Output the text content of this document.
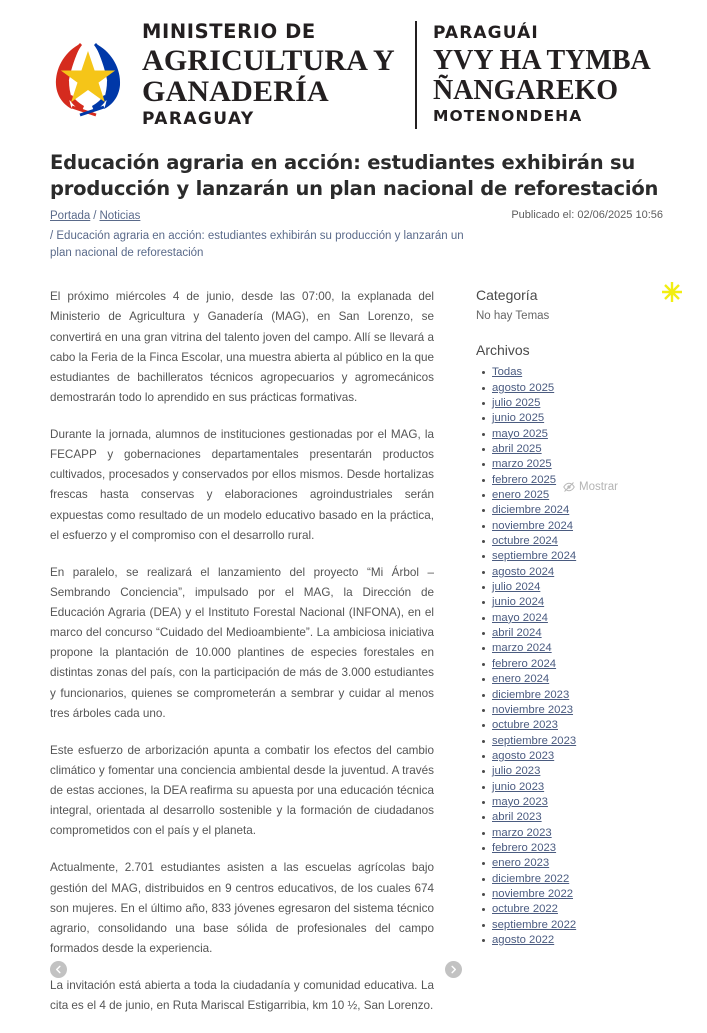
MINISTERIO DE
AGRICULTURA Y
GANADERÍA
PARAGUAY
PARAGUÁI
YVY HA TYMBA
ÑANGAREKO
MOTENONDEHA
Educación agraria en acción: estudiantes exhibirán su producción y lanzarán un plan nacional de reforestación
Portada / Noticias
/ Educación agraria en acción: estudiantes exhibirán su producción y lanzarán un plan nacional de reforestación
Publicado el: 02/06/2025 10:56

El próximo miércoles 4 de junio, desde las 07:00, la explanada del Ministerio de Agricultura y Ganadería (MAG), en San Lorenzo, se convertirá en una gran vitrina del talento joven del campo. Allí se llevará a cabo la Feria de la Finca Escolar, una muestra abierta al público en la que estudiantes de bachilleratos técnicos agropecuarios y agromecánicos demostrarán todo lo aprendido en sus prácticas formativas.

Durante la jornada, alumnos de instituciones gestionadas por el MAG, la FECAPP y gobernaciones departamentales presentarán productos cultivados, procesados y conservados por ellos mismos. Desde hortalizas frescas hasta conservas y elaboraciones agroindustriales serán expuestas como resultado de un modelo educativo basado en la práctica, el esfuerzo y el compromiso con el desarrollo rural.

En paralelo, se realizará el lanzamiento del proyecto “Mi Árbol – Sembrando Conciencia”, impulsado por el MAG, la Dirección de Educación Agraria (DEA) y el Instituto Forestal Nacional (INFONA), en el marco del concurso “Cuidado del Medioambiente”. La ambiciosa iniciativa propone la plantación de 10.000 plantines de especies forestales en distintas zonas del país, con la participación de más de 3.000 estudiantes y funcionarios, quienes se comprometerán a sembrar y cuidar al menos tres árboles cada uno.

Este esfuerzo de arborización apunta a combatir los efectos del cambio climático y fomentar una conciencia ambiental desde la juventud. A través de estas acciones, la DEA reafirma su apuesta por una educación técnica integral, orientada al desarrollo sostenible y la formación de ciudadanos comprometidos con el país y el planeta.

Actualmente, 2.701 estudiantes asisten a las escuelas agrícolas bajo gestión del MAG, distribuidos en 9 centros educativos, de los cuales 674 son mujeres. En el último año, 833 jóvenes egresaron del sistema técnico agrario, consolidando una base sólida de profesionales del campo formados desde la experiencia.

La invitación está abierta a toda la ciudadanía y comunidad educativa. La cita es el 4 de junio, en Ruta Mariscal Estigarribia, km 10 ½, San Lorenzo.

Categoría
No hay Temas
Archivos
Todas
agosto 2025
julio 2025
junio 2025
mayo 2025
abril 2025
marzo 2025
febrero 2025
enero 2025
diciembre 2024
noviembre 2024
octubre 2024
septiembre 2024
agosto 2024
julio 2024
junio 2024
mayo 2024
abril 2024
marzo 2024
febrero 2024
enero 2024
diciembre 2023
noviembre 2023
octubre 2023
septiembre 2023
agosto 2023
julio 2023
junio 2023
mayo 2023
abril 2023
marzo 2023
febrero 2023
enero 2023
diciembre 2022
noviembre 2022
octubre 2022
septiembre 2022
agosto 2022
Mostrar
